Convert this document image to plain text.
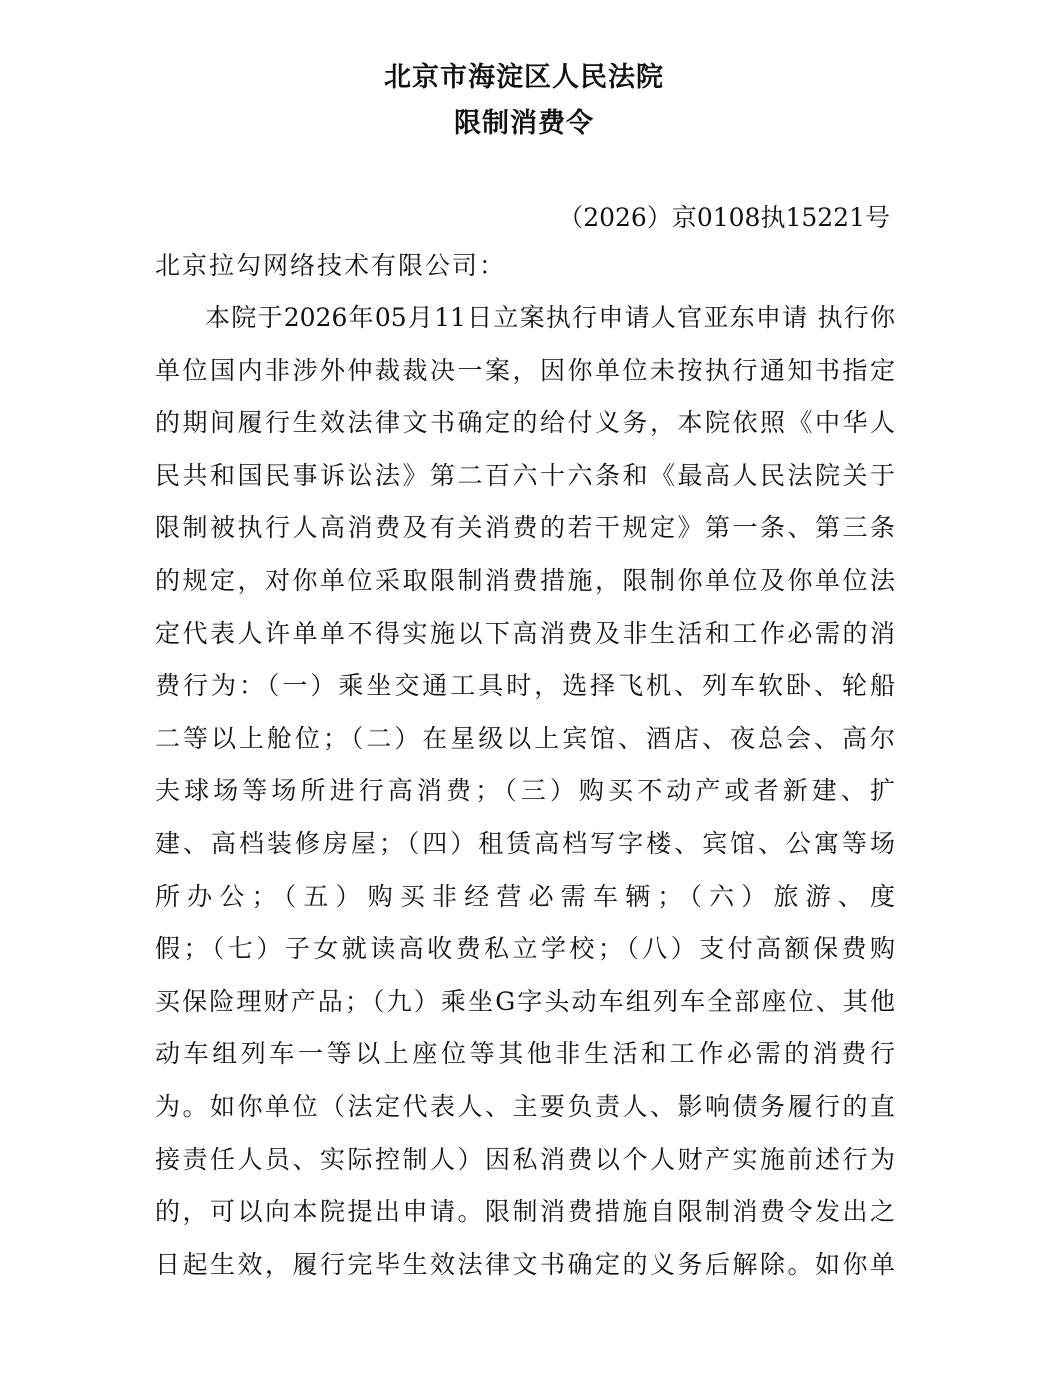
北京市海淀区人民法院
限制消费令
（2026）京0108执15221号
北京拉勾网络技术有限公司：
本院于2026年05月11日立案执行申请人官亚东申请 执行你
单位国内非涉外仲裁裁决一案，因你单位未按执行通知书指定
的期间履行生效法律文书确定的给付义务，本院依照《中华人
民共和国民事诉讼法》第二百六十六条和《最高人民法院关于
限制被执行人高消费及有关消费的若干规定》第一条、第三条
的规定，对你单位采取限制消费措施，限制你单位及你单位法
定代表人许单单不得实施以下高消费及非生活和工作必需的消
费行为：（一）乘坐交通工具时，选择飞机、列车软卧、轮船
二等以上舱位；（二）在星级以上宾馆、酒店、夜总会、高尔
夫球场等场所进行高消费；（三）购买不动产或者新建、扩
建、高档装修房屋；（四）租赁高档写字楼、宾馆、公寓等场
所办公；（五）购买非经营必需车辆；（六）旅游、度
假；（七）子女就读高收费私立学校；（八）支付高额保费购
买保险理财产品；（九）乘坐G字头动车组列车全部座位、其他
动车组列车一等以上座位等其他非生活和工作必需的消费行
为。如你单位（法定代表人、主要负责人、影响债务履行的直
接责任人员、实际控制人）因私消费以个人财产实施前述行为
的，可以向本院提出申请。限制消费措施自限制消费令发出之
日起生效，履行完毕生效法律文书确定的义务后解除。如你单
